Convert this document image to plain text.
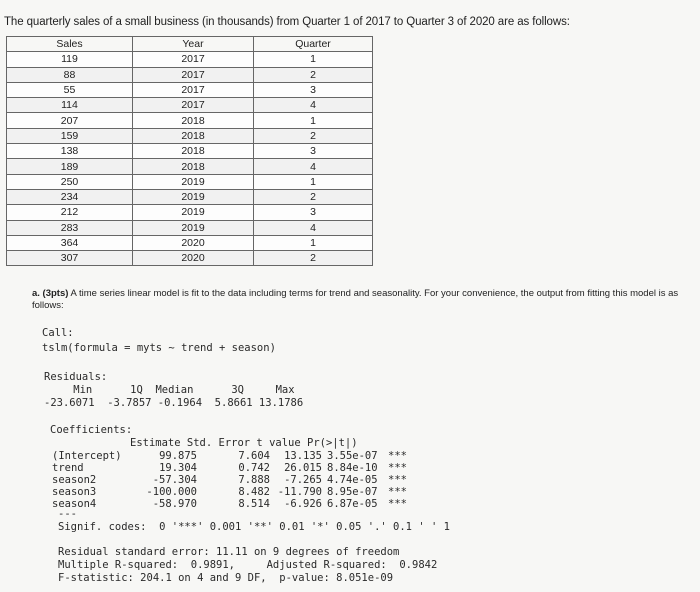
The quarterly sales of a small business (in thousands) from Quarter 1 of 2017 to Quarter 3 of 2020 are as follows:
Sales	Year	Quarter
119	2017	1
88	2017	2
55	2017	3
114	2017	4
207	2018	1
159	2018	2
138	2018	3
189	2018	4
250	2019	1
234	2019	2
212	2019	3
283	2019	4
364	2020	1
307	2020	2
a. (3pts) A time series linear model is fit to the data including terms for trend and seasonality. For your convenience, the output from fitting this model is as follows:
Call:
tslm(formula = myts ~ trend + season)
Residuals:
Min      1Q  Median      3Q     Max
-23.6071  -3.7857 -0.1964  5.8661 13.1786
Coefficients:
Estimate Std. Error t value Pr(>|t|)
(Intercept)	99.875	7.604	13.135 3.55e-07 ***
trend	19.304	0.742	26.015 8.84e-10 ***
season2	-57.304	7.888	-7.265 4.74e-05 ***
season3	-100.000	8.482 -11.790 8.95e-07 ***
season4	-58.970	8.514	-6.926 6.87e-05 ***
---
Signif. codes:  0 '***' 0.001 '**' 0.01 '*' 0.05 '.' 0.1 ' ' 1
Residual standard error: 11.11 on 9 degrees of freedom
Multiple R-squared:  0.9891,     Adjusted R-squared:  0.9842
F-statistic: 204.1 on 4 and 9 DF,  p-value: 8.051e-09
